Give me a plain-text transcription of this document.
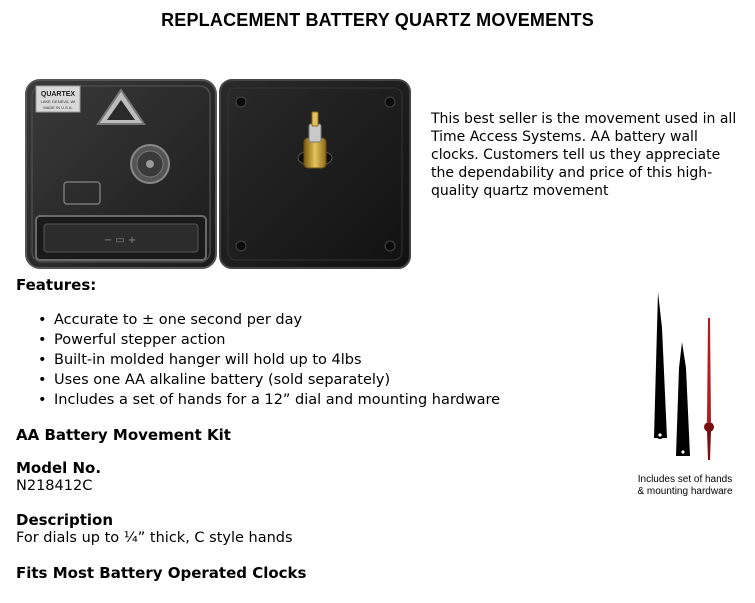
REPLACEMENT BATTERY QUARTZ MOVEMENTS
QUARTEX
LAKE GENEVA, WI
MADE IN U.S.A.
− ▭ +
This best seller is the movement used in all Time Access Systems. AA battery wall clocks. Customers tell us they appreciate the dependability and price of this high-quality quartz movement
Features:
• Accurate to ± one second per day
• Powerful stepper action
• Built-in molded hanger will hold up to 4lbs
• Uses one AA alkaline battery (sold separately)
• Includes a set of hands for a 12” dial and mounting hardware
AA Battery Movement Kit
Model No.
N218412C
Description
For dials up to ¼” thick, C style hands
Fits Most Battery Operated Clocks
Includes set of hands
& mounting hardware
